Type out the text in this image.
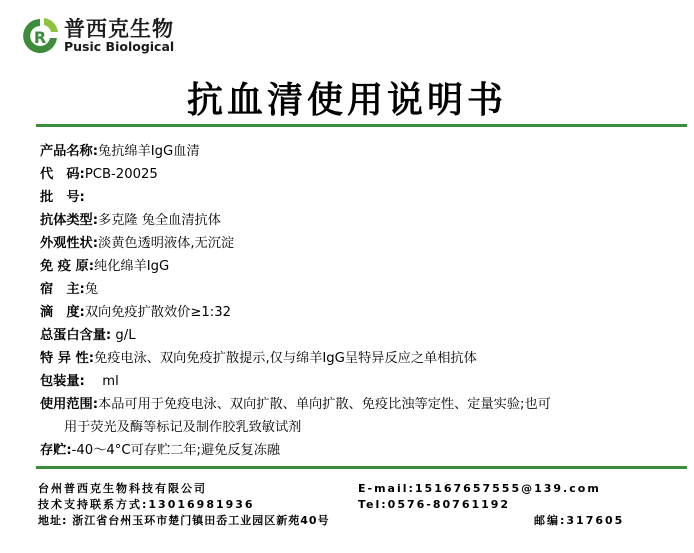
R 普西克生物
Pusic Biological
抗血清使用说明书
产品名称:兔抗绵羊IgG血清
代　码:PCB-20025
批　号:
抗体类型:多克隆 兔全血清抗体
外观性状:淡黄色透明液体,无沉淀
免 疫 原:纯化绵羊IgG
宿　主:兔
滴　度:双向免疫扩散效价≥1:32
总蛋白含量: g/L
特 异 性:免疫电泳、双向免疫扩散提示,仅与绵羊IgG呈特异反应之单相抗体
包装量:　 ml
使用范围:本品可用于免疫电泳、双向扩散、单向扩散、免疫比浊等定性、定量实验;也可
用于荧光及酶等标记及制作胶乳致敏试剂
存贮:-40～4°C可存贮二年;避免反复冻融
台州普西克生物科技有限公司	E-mail:15167657555@139.com
技术支持联系方式:13016981936	Tel:0576-80761192
地址: 浙江省台州玉环市楚门镇田岙工业园区新苑40号	邮编:317605
